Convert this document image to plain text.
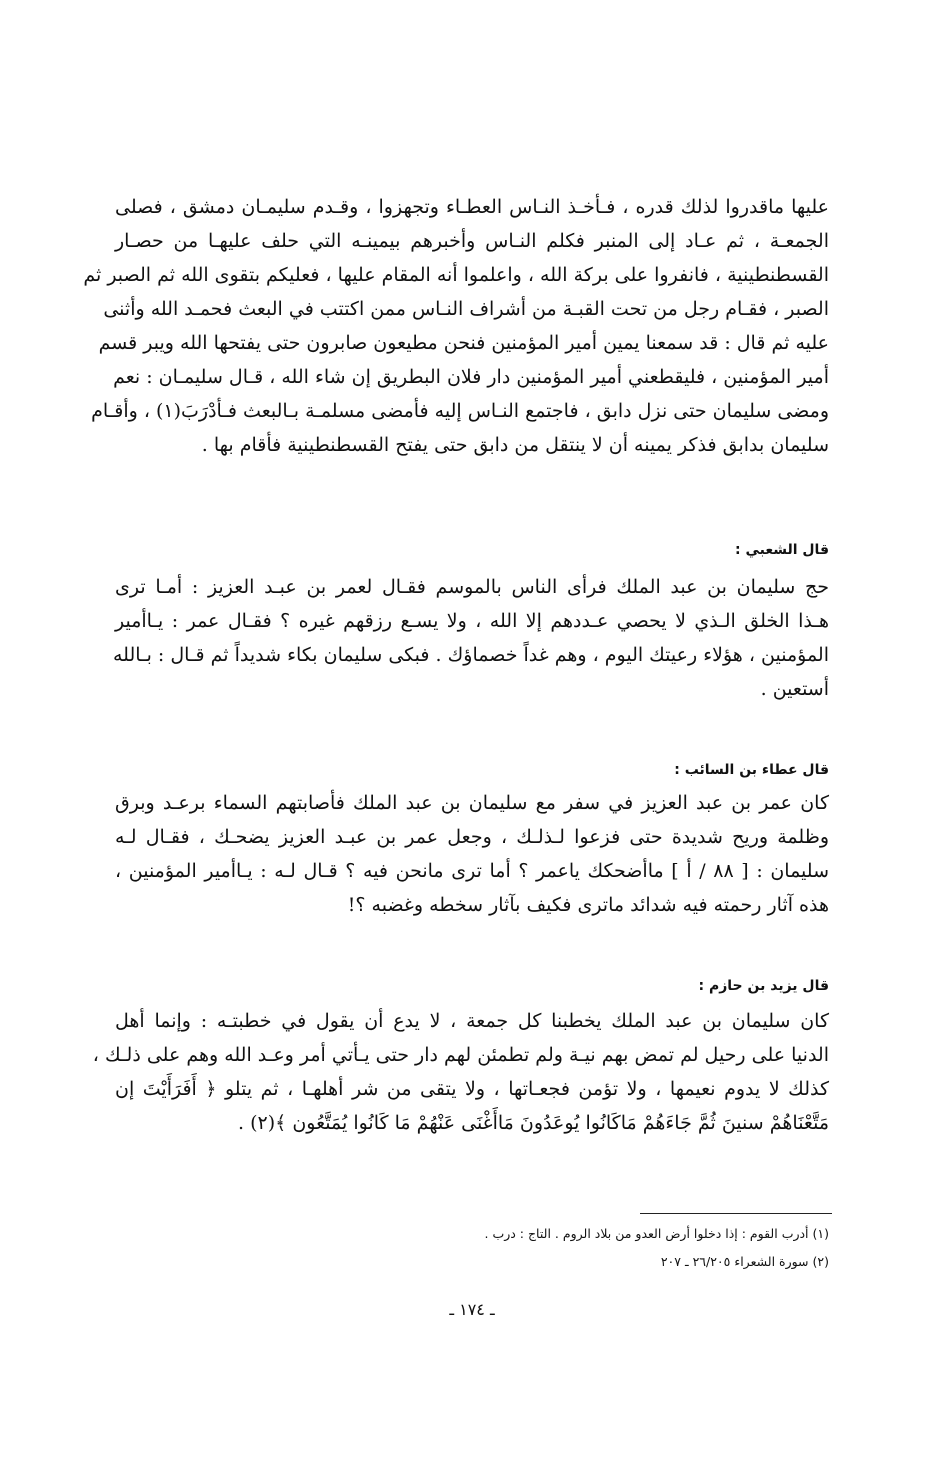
عليها ماقدروا لذلك قدره ، فـأخـذ النـاس العطـاء وتجهزوا ، وقـدم سليمـان دمشق ، فصلى
الجمعـة ، ثم عـاد إلى المنبر فكلم النـاس وأخبرهم بيمينـه التي حلف عليهـا من حصـار
القسطنطينية ، فانفروا على بركة الله ، واعلموا أنه المقام عليها ، فعليكم بتقوى الله ثم الصبر ثم
الصبر ، فقـام رجل من تحت القبـة من أشراف النـاس ممن اكتتب في البعث فحمـد الله وأثنى
عليه ثم قال : قد سمعنا يمين أمير المؤمنين فنحن مطيعون صابرون حتى يفتحها الله ويبر قسم
أمير المؤمنين ، فليقطعني أمير المؤمنين دار فلان البطريق إن شاء الله ، قـال سليمـان : نعم
ومضى سليمان حتى نزل دابق ، فاجتمع النـاس إليه فأمضى مسلمـة بـالبعث فـأدْرَبَ(١) ، وأقـام
سليمان بدابق فذكر يمينه أن لا ينتقل من دابق حتى يفتح القسطنطينية فأقام بها .
قال الشعبي :
حج سليمان بن عبد الملك فرأى الناس بالموسم فقـال لعمر بن عبـد العزيز : أمـا ترى
هـذا الخلق الـذي لا يحصي عـددهم إلا الله ، ولا يسـع رزقهم غيره ؟ فقـال عمر : يـاأمير
المؤمنين ، هؤلاء رعيتك اليوم ، وهم غداً خصماؤك . فبكى سليمان بكاء شديداً ثم قـال : بـالله
أستعين .
قال عطاء بن السائب :
كان عمر بن عبد العزيز في سفر مع سليمان بن عبد الملك فأصابتهم السماء برعـد وبرق
وظلمة وريح شديدة حتى فزعوا لـذلـك ، وجعل عمر بن عبـد العزيز يضحـك ، فقـال لـه
سليمان : [ ٨٨ / أ ] ماأضحكك ياعمر ؟ أما ترى مانحن فيه ؟ قـال لـه : يـاأمير المؤمنين ،
هذه آثار رحمته فيه شدائد ماترى فكيف بآثار سخطه وغضبه ؟!
قال يزيد بن حازم :
كان سليمان بن عبد الملك يخطبنا كل جمعة ، لا يدع أن يقول في خطبتـه : وإنما أهل
الدنيا على رحيل لم تمض بهم نيـة ولم تطمئن لهم دار حتى يـأتي أمر وعـد الله وهم على ذلـك ،
كذلك لا يدوم نعيمها ، ولا تؤمن فجعـاتها ، ولا يتقى من شر أهلهـا ، ثم يتلو ﴿ أَفَرَأَيْتَ إن
مَتَّعْنَاهُمْ سنينَ ثُمَّ جَاءَهُمْ مَاكَانُوا يُوعَدُونَ مَاأَغْنَى عَنْهُمْ مَا كَانُوا يُمَتَّعُون ﴾(٢) .
(١) أدرب القوم : إذا دخلوا أرض العدو من بلاد الروم . التاج : درب .
(٢) سورة الشعراء ٢٦/٢٠٥ ـ ٢٠٧
ـ ١٧٤ ـ
